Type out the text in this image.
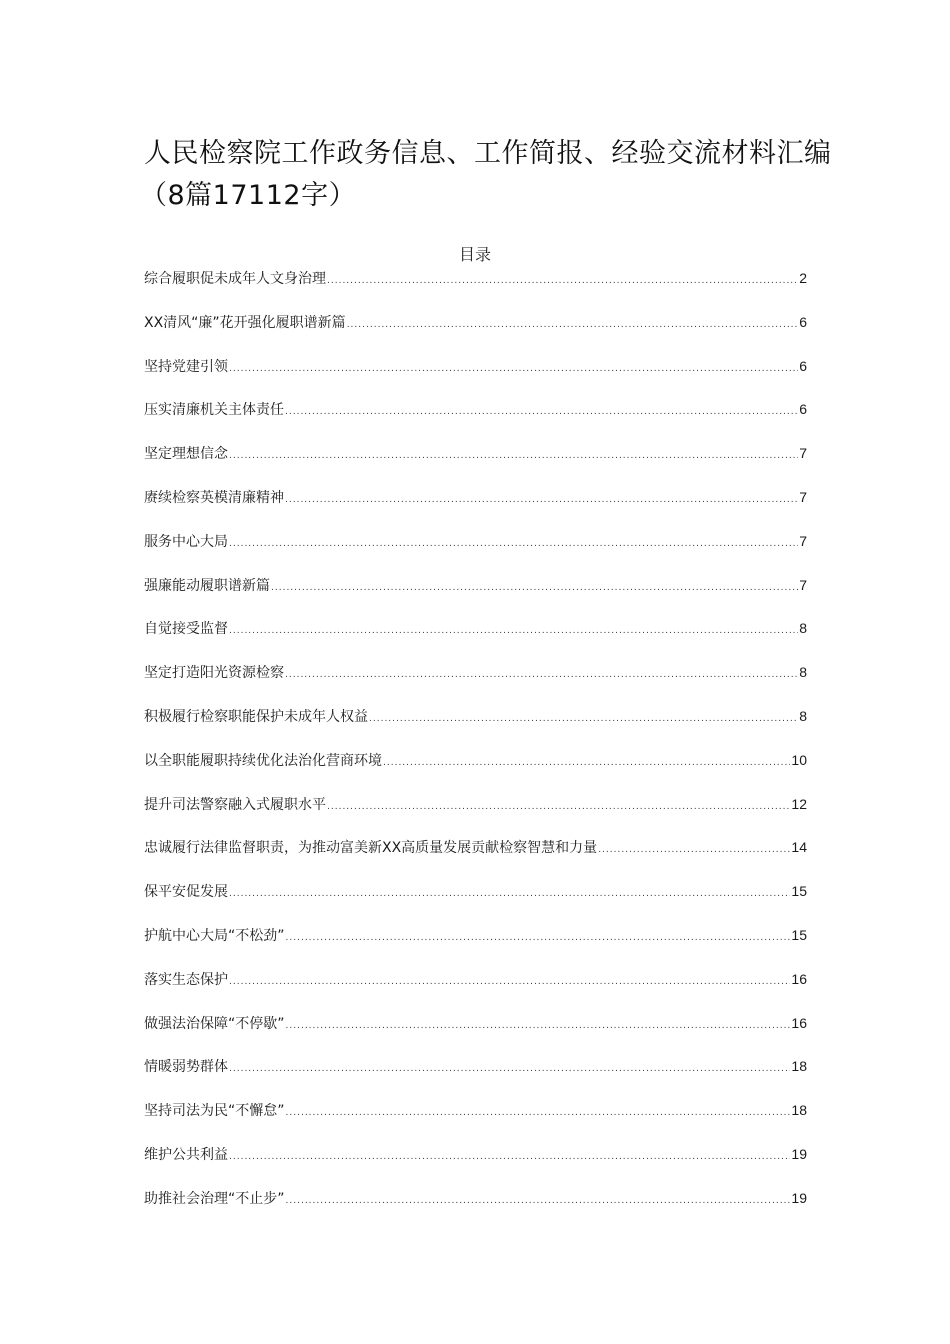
人民检察院工作政务信息、工作简报、经验交流材料汇编
（8篇17112字）
目录
综合履职促未成年人文身治理 .....	2
XX清风“廉”花开强化履职谱新篇 .....	6
坚持党建引领 .....	6
压实清廉机关主体责任 .....	6
坚定理想信念 .....	7
赓续检察英模清廉精神 .....	7
服务中心大局 .....	7
强廉能动履职谱新篇 .....	7
自觉接受监督 .....	8
坚定打造阳光资源检察 .....	8
积极履行检察职能保护未成年人权益 .....	8
以全职能履职持续优化法治化营商环境 .....	10
提升司法警察融入式履职水平 .....	12
忠诚履行法律监督职责，为推动富美新XX高质量发展贡献检察智慧和力量 .....	14
保平安促发展 .....	15
护航中心大局“不松劲” .....	15
落实生态保护 .....	16
做强法治保障“不停歇” .....	16
情暖弱势群体 .....	18
坚持司法为民“不懈怠” .....	18
维护公共利益 .....	19
助推社会治理“不止步” .....	19
